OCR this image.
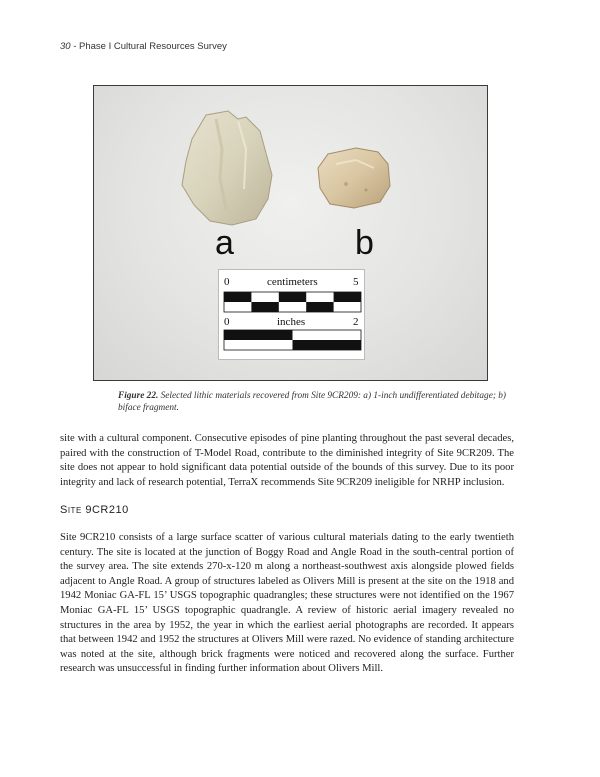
30 - Phase I Cultural Resources Survey
a	b
0	centimeters	5
0	inches	2
Figure 22. Selected lithic materials recovered from Site 9CR209: a) 1-inch undifferentiated debitage; b) biface fragment.

site with a cultural component. Consecutive episodes of pine planting throughout the past several decades, paired with the construction of T-Model Road, contribute to the diminished integrity of Site 9CR209. The site does not appear to hold significant data potential outside of the bounds of this survey. Due to its poor integrity and lack of research potential, TerraX recommends Site 9CR209 ineligible for NRHP inclusion.

Site 9CR210

Site 9CR210 consists of a large surface scatter of various cultural materials dating to the early twentieth century. The site is located at the junction of Boggy Road and Angle Road in the south-central portion of the survey area. The site extends 270-x-120 m along a northeast-southwest axis alongside plowed fields adjacent to Angle Road. A group of structures labeled as Olivers Mill is present at the site on the 1918 and 1942 Moniac GA-FL 15’ USGS topographic quadrangles; these structures were not identified on the 1967 Moniac GA-FL 15’ USGS topographic quadrangle. A review of historic aerial imagery revealed no structures in the area by 1952, the year in which the earliest aerial photographs are recorded. It appears that between 1942 and 1952 the structures at Olivers Mill were razed. No evidence of standing architecture was noted at the site, although brick fragments were noticed and recovered along the surface. Further research was unsuccessful in finding further information about Olivers Mill.
